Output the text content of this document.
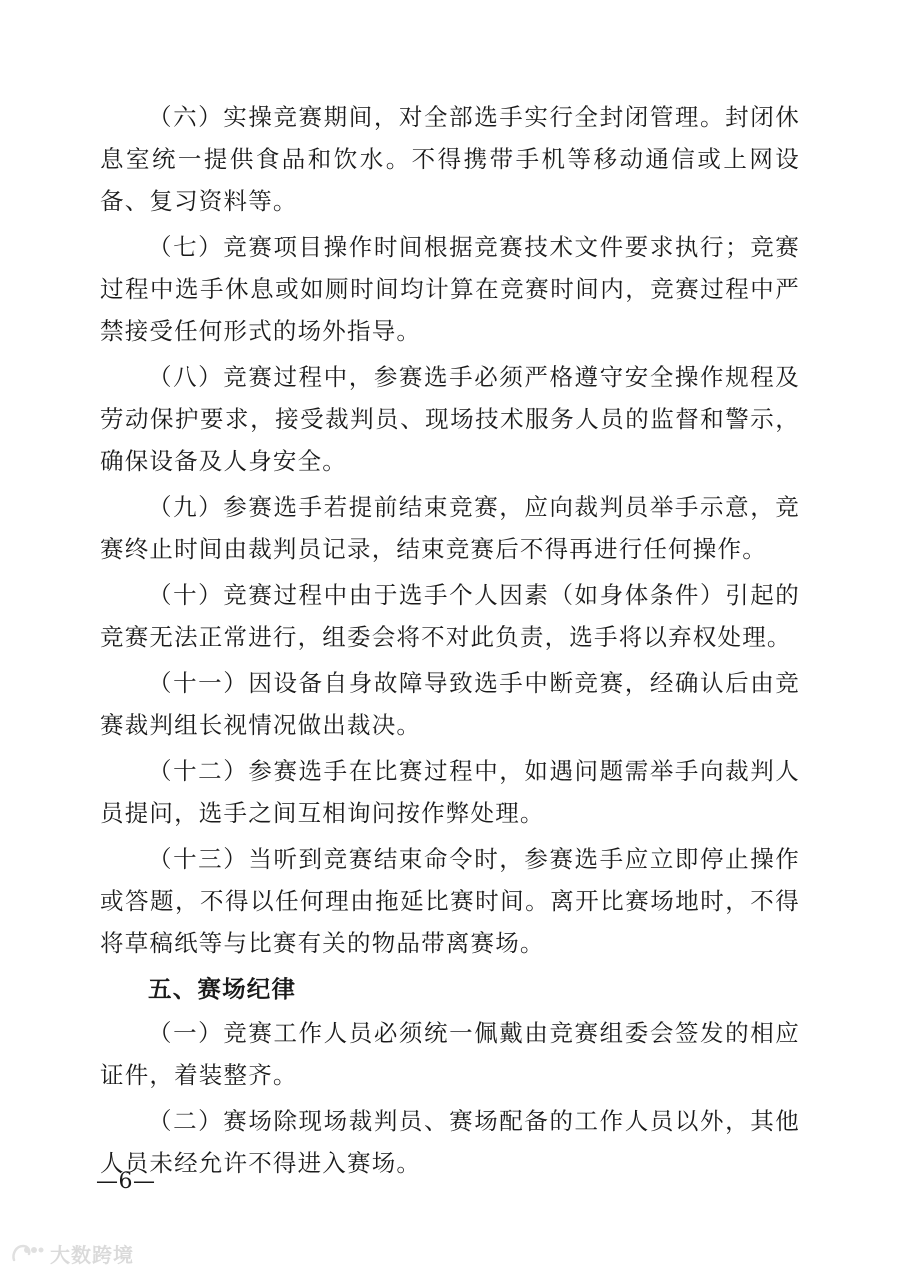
（六）实操竞赛期间，对全部选手实行全封闭管理。封闭休息室统一提供食品和饮水。不得携带手机等移动通信或上网设备、复习资料等。

（七）竞赛项目操作时间根据竞赛技术文件要求执行；竞赛过程中选手休息或如厕时间均计算在竞赛时间内，竞赛过程中严禁接受任何形式的场外指导。

（八）竞赛过程中，参赛选手必须严格遵守安全操作规程及劳动保护要求，接受裁判员、现场技术服务人员的监督和警示，确保设备及人身安全。

（九）参赛选手若提前结束竞赛，应向裁判员举手示意，竞赛终止时间由裁判员记录，结束竞赛后不得再进行任何操作。

（十）竞赛过程中由于选手个人因素（如身体条件）引起的竞赛无法正常进行，组委会将不对此负责，选手将以弃权处理。

（十一）因设备自身故障导致选手中断竞赛，经确认后由竞赛裁判组长视情况做出裁决。

（十二）参赛选手在比赛过程中，如遇问题需举手向裁判人员提问，选手之间互相询问按作弊处理。

（十三）当听到竞赛结束命令时，参赛选手应立即停止操作或答题，不得以任何理由拖延比赛时间。离开比赛场地时，不得将草稿纸等与比赛有关的物品带离赛场。

五、赛场纪律

（一）竞赛工作人员必须统一佩戴由竞赛组委会签发的相应证件，着装整齐。

（二）赛场除现场裁判员、赛场配备的工作人员以外，其他人员未经允许不得进入赛场。

—6—
大数跨境
